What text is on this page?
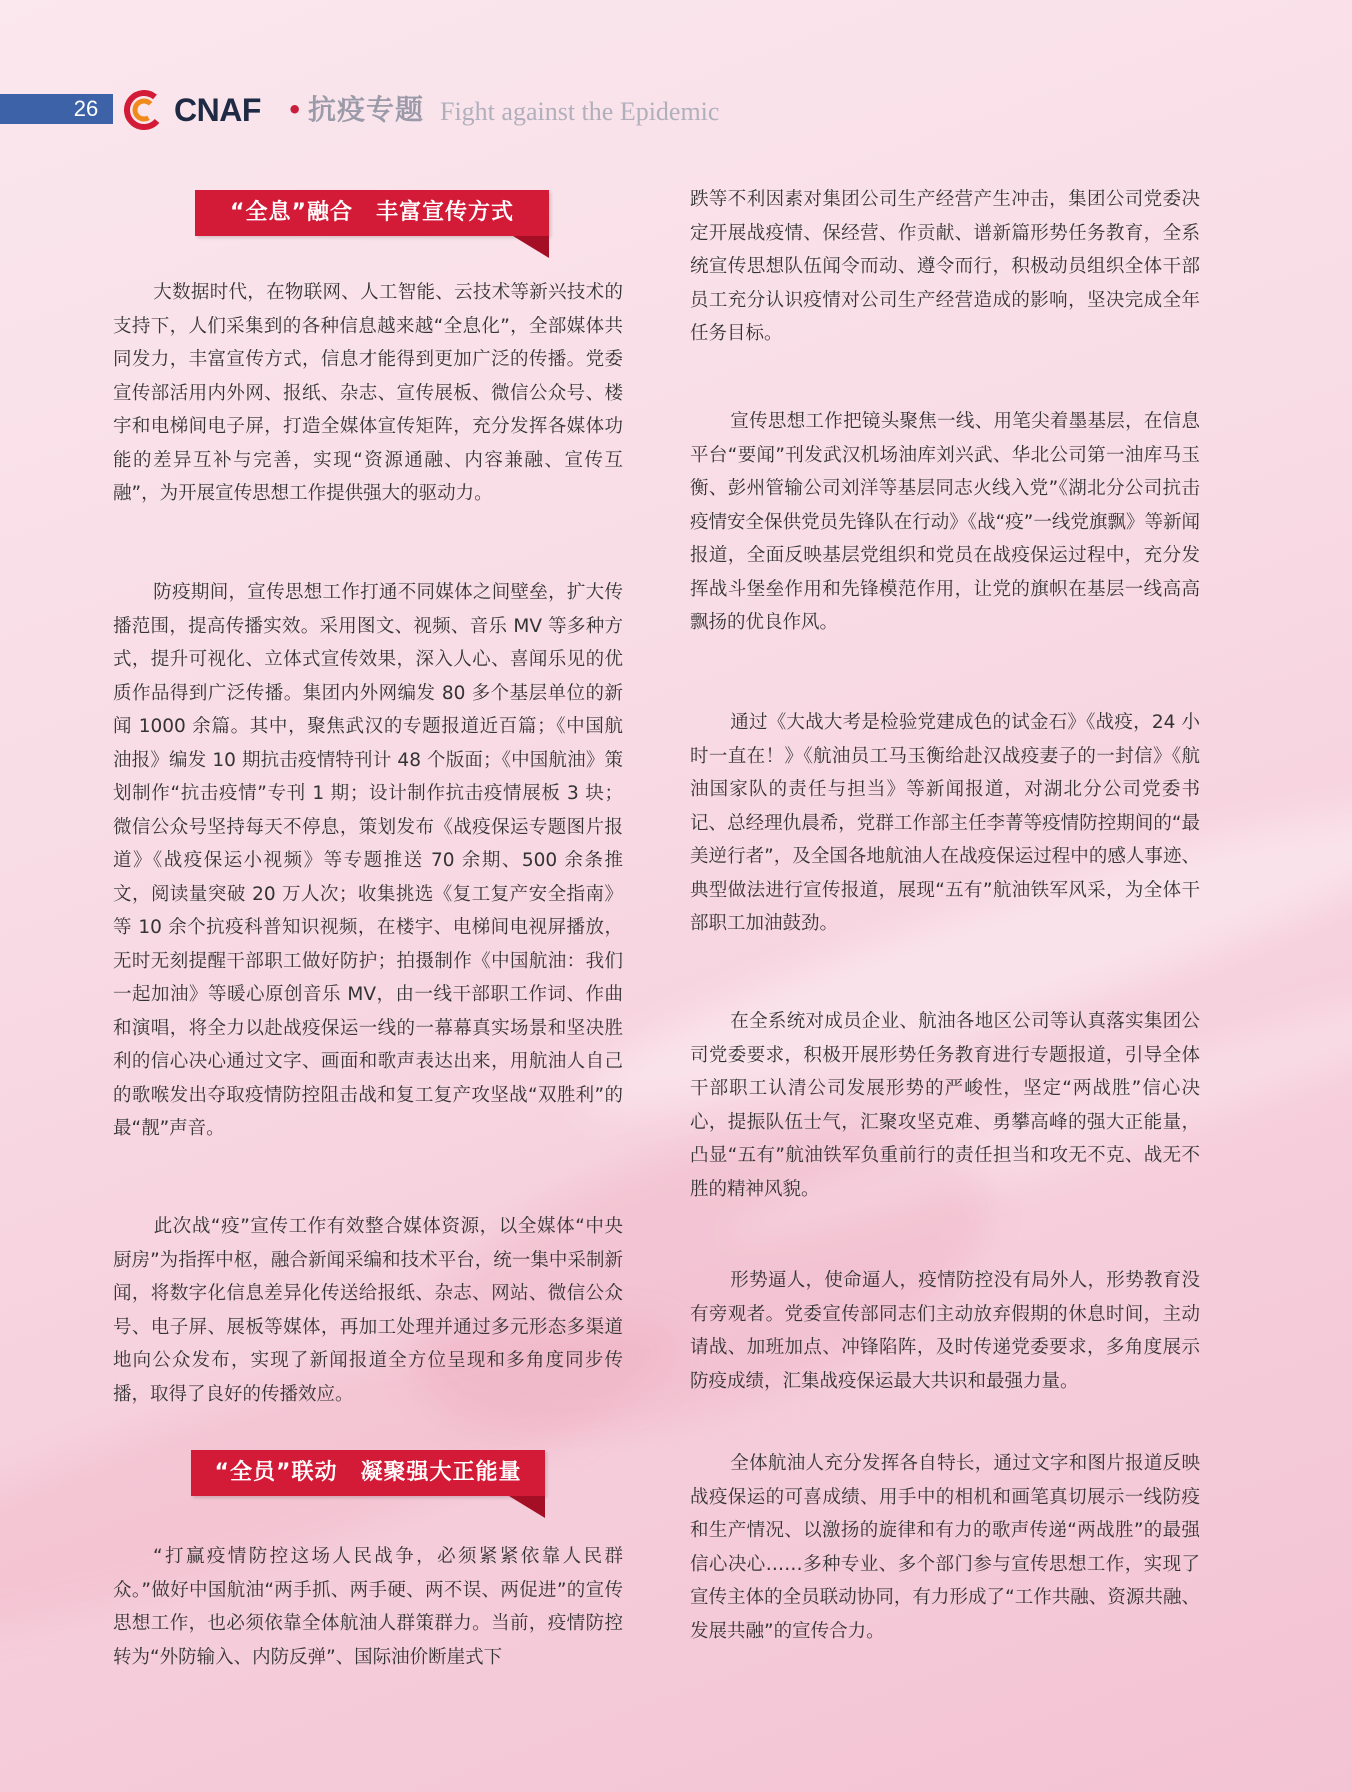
26	CNAF • 抗疫专题 Fight against the Epidemic
“全息”融合　丰富宣传方式

大数据时代，在物联网、人工智能、云技术等新兴技术的支持下，人们采集到的各种信息越来越“全息化”，全部媒体共同发力，丰富宣传方式，信息才能得到更加广泛的传播。党委宣传部活用内外网、报纸、杂志、宣传展板、微信公众号、楼宇和电梯间电子屏，打造全媒体宣传矩阵，充分发挥各媒体功能的差异互补与完善，实现“资源通融、内容兼融、宣传互融”，为开展宣传思想工作提供强大的驱动力。

防疫期间，宣传思想工作打通不同媒体之间壁垒，扩大传播范围，提高传播实效。采用图文、视频、音乐 MV 等多种方式，提升可视化、立体式宣传效果，深入人心、喜闻乐见的优质作品得到广泛传播。集团内外网编发 80 多个基层单位的新闻 1000 余篇。其中，聚焦武汉的专题报道近百篇；《中国航油报》编发 10 期抗击疫情特刊计 48 个版面；《中国航油》策划制作“抗击疫情”专刊 1 期；设计制作抗击疫情展板 3 块；微信公众号坚持每天不停息，策划发布《战疫保运专题图片报道》《战疫保运小视频》等专题推送 70 余期、500 余条推文，阅读量突破 20 万人次；收集挑选《复工复产安全指南》等 10 余个抗疫科普知识视频，在楼宇、电梯间电视屏播放，无时无刻提醒干部职工做好防护；拍摄制作《中国航油：我们一起加油》等暖心原创音乐 MV，由一线干部职工作词、作曲和演唱，将全力以赴战疫保运一线的一幕幕真实场景和坚决胜利的信心决心通过文字、画面和歌声表达出来，用航油人自己的歌喉发出夺取疫情防控阻击战和复工复产攻坚战“双胜利”的最“靓”声音。

此次战“疫”宣传工作有效整合媒体资源，以全媒体“中央厨房”为指挥中枢，融合新闻采编和技术平台，统一集中采制新闻，将数字化信息差异化传送给报纸、杂志、网站、微信公众号、电子屏、展板等媒体，再加工处理并通过多元形态多渠道地向公众发布，实现了新闻报道全方位呈现和多角度同步传播，取得了良好的传播效应。

“全员”联动　凝聚强大正能量

“打赢疫情防控这场人民战争，必须紧紧依靠人民群众。”做好中国航油“两手抓、两手硬、两不误、两促进”的宣传思想工作，也必须依靠全体航油人群策群力。当前，疫情防控转为“外防输入、内防反弹”、国际油价断崖式下

跌等不利因素对集团公司生产经营产生冲击，集团公司党委决定开展战疫情、保经营、作贡献、谱新篇形势任务教育，全系统宣传思想队伍闻令而动、遵令而行，积极动员组织全体干部员工充分认识疫情对公司生产经营造成的影响，坚决完成全年任务目标。

宣传思想工作把镜头聚焦一线、用笔尖着墨基层，在信息平台“要闻”刊发武汉机场油库刘兴武、华北公司第一油库马玉衡、彭州管输公司刘洋等基层同志火线入党”《湖北分公司抗击疫情安全保供党员先锋队在行动》《战“疫”一线党旗飘》等新闻报道，全面反映基层党组织和党员在战疫保运过程中，充分发挥战斗堡垒作用和先锋模范作用，让党的旗帜在基层一线高高飘扬的优良作风。

通过《大战大考是检验党建成色的试金石》《战疫，24 小时一直在！》《航油员工马玉衡给赴汉战疫妻子的一封信》《航油国家队的责任与担当》等新闻报道，对湖北分公司党委书记、总经理仇晨希，党群工作部主任李菁等疫情防控期间的“最美逆行者”，及全国各地航油人在战疫保运过程中的感人事迹、典型做法进行宣传报道，展现“五有”航油铁军风采，为全体干部职工加油鼓劲。

在全系统对成员企业、航油各地区公司等认真落实集团公司党委要求，积极开展形势任务教育进行专题报道，引导全体干部职工认清公司发展形势的严峻性，坚定“两战胜”信心决心，提振队伍士气，汇聚攻坚克难、勇攀高峰的强大正能量，凸显“五有”航油铁军负重前行的责任担当和攻无不克、战无不胜的精神风貌。

形势逼人，使命逼人，疫情防控没有局外人，形势教育没有旁观者。党委宣传部同志们主动放弃假期的休息时间，主动请战、加班加点、冲锋陷阵，及时传递党委要求，多角度展示防疫成绩，汇集战疫保运最大共识和最强力量。

全体航油人充分发挥各自特长，通过文字和图片报道反映战疫保运的可喜成绩、用手中的相机和画笔真切展示一线防疫和生产情况、以激扬的旋律和有力的歌声传递“两战胜”的最强信心决心……多种专业、多个部门参与宣传思想工作，实现了宣传主体的全员联动协同，有力形成了“工作共融、资源共融、发展共融”的宣传合力。
